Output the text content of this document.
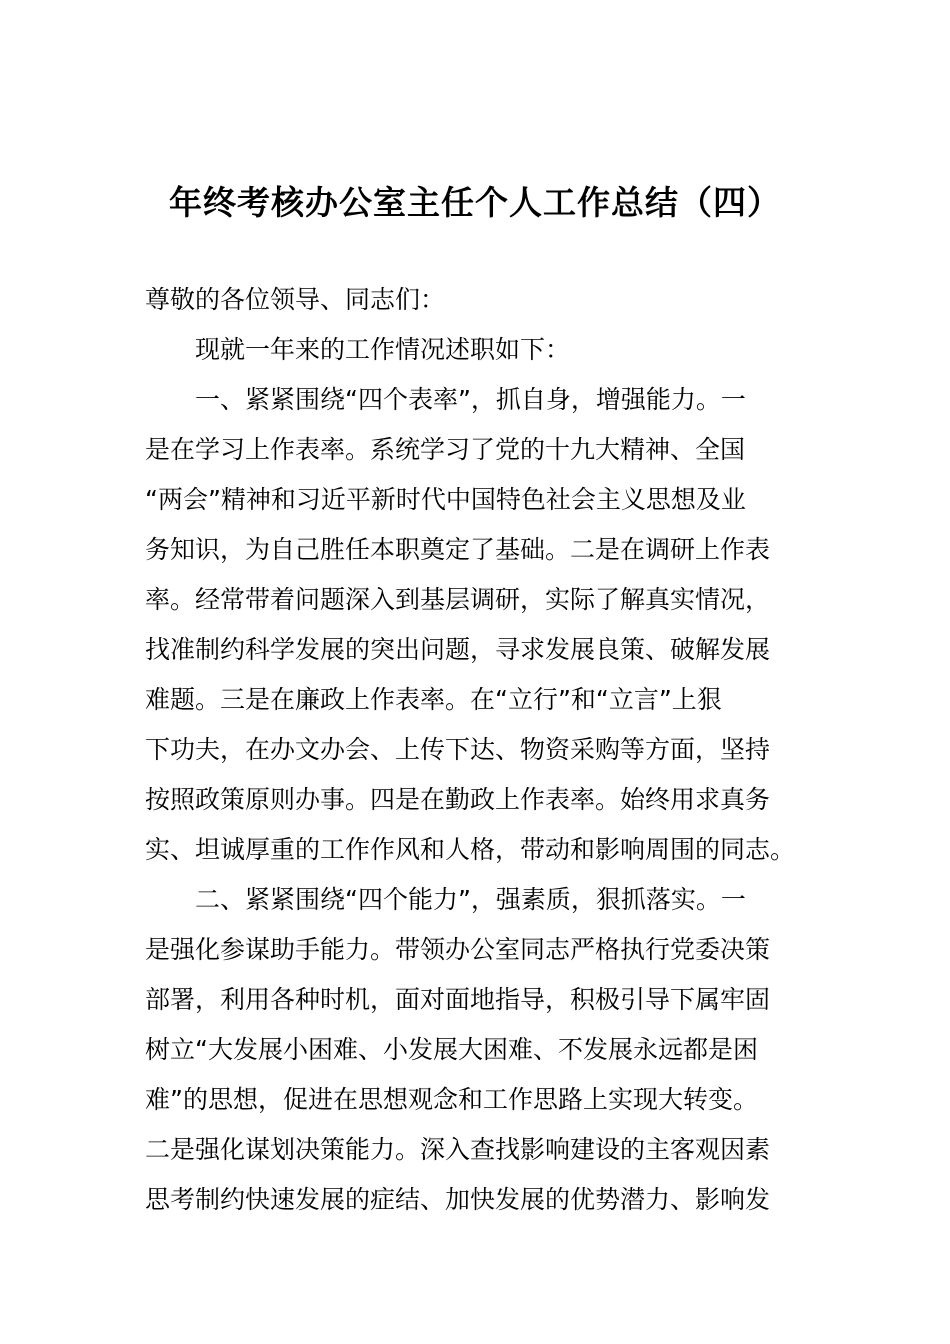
年终考核办公室主任个人工作总结（四）
尊敬的各位领导、同志们：
现就一年来的工作情况述职如下：
一、紧紧围绕“四个表率”，抓自身，增强能力。一
是在学习上作表率。系统学习了党的十九大精神、全国
“两会”精神和习近平新时代中国特色社会主义思想及业
务知识，为自己胜任本职奠定了基础。二是在调研上作表
率。经常带着问题深入到基层调研，实际了解真实情况，
找准制约科学发展的突出问题，寻求发展良策、破解发展
难题。三是在廉政上作表率。在“立行”和“立言”上狠
下功夫，在办文办会、上传下达、物资采购等方面，坚持
按照政策原则办事。四是在勤政上作表率。始终用求真务
实、坦诚厚重的工作作风和人格，带动和影响周围的同志。
二、紧紧围绕“四个能力”，强素质，狠抓落实。一
是强化参谋助手能力。带领办公室同志严格执行党委决策
部署，利用各种时机，面对面地指导，积极引导下属牢固
树立“大发展小困难、小发展大困难、不发展永远都是困
难”的思想，促进在思想观念和工作思路上实现大转变。
二是强化谋划决策能力。深入查找影响建设的主客观因素
思考制约快速发展的症结、加快发展的优势潜力、影响发
